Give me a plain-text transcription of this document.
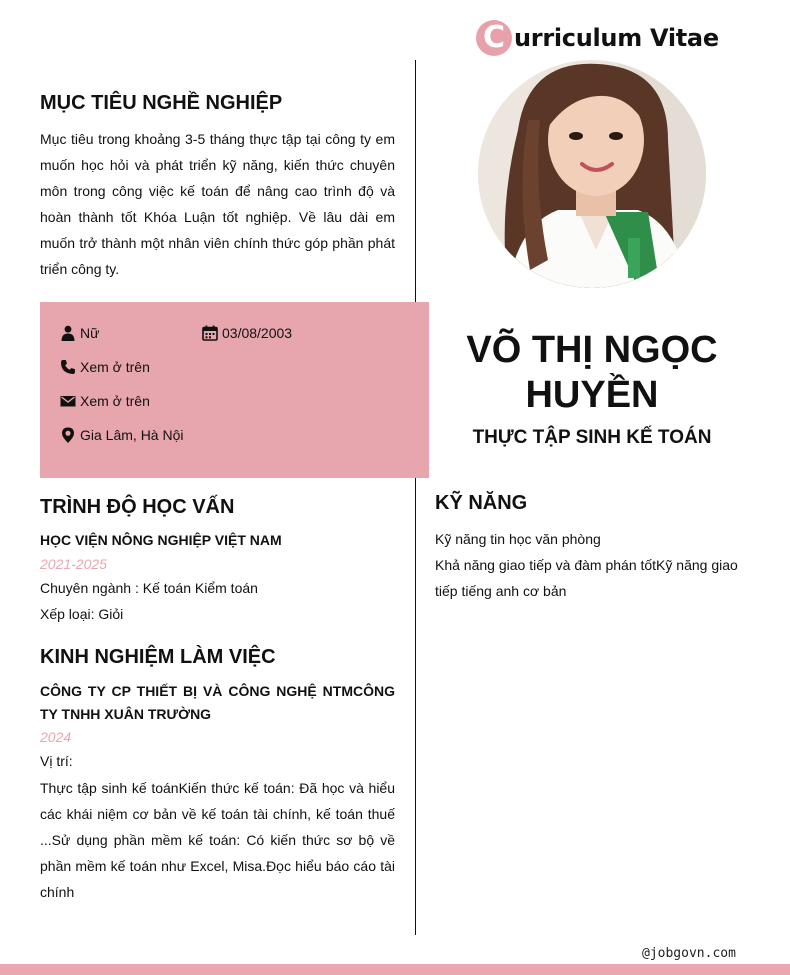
C urriculum Vitae
MỤC TIÊU NGHỀ NGHIỆP
Mục tiêu trong khoảng 3-5 tháng thực tập tại công ty em muốn học hỏi và phát triển kỹ năng, kiến thức chuyên môn trong công việc kế toán để nâng cao trình độ và hoàn thành tốt Khóa Luận tốt nghiệp. Về lâu dài em muốn trở thành một nhân viên chính thức góp phần phát triển công ty.
Nữ	03/08/2003
Xem ở trên
Xem ở trên
Gia Lâm, Hà Nội
TRÌNH ĐỘ HỌC VẤN
HỌC VIỆN NÔNG NGHIỆP VIỆT NAM
2021-2025
Chuyên ngành : Kế toán Kiểm toán
Xếp loại: Giỏi
KINH NGHIỆM LÀM VIỆC
CÔNG TY CP THIẾT BỊ VÀ CÔNG NGHỆ NTMCÔNG TY TNHH XUÂN TRƯỜNG
2024
Vị trí:
Thực tập sinh kế toánKiến thức kế toán: Đã học và hiểu các khái niệm cơ bản về kế toán tài chính, kế toán thuế ...Sử dụng phần mềm kế toán: Có kiến thức sơ bộ về phần mềm kế toán như Excel, Misa.Đọc hiểu báo cáo tài chính
VÕ THỊ NGỌC HUYỀN
THỰC TẬP SINH KẾ TOÁN
KỸ NĂNG
Kỹ năng tin học văn phòng
Khả năng giao tiếp và đàm phán tốtKỹ năng giao tiếp tiếng anh cơ bản
@jobgovn.com
